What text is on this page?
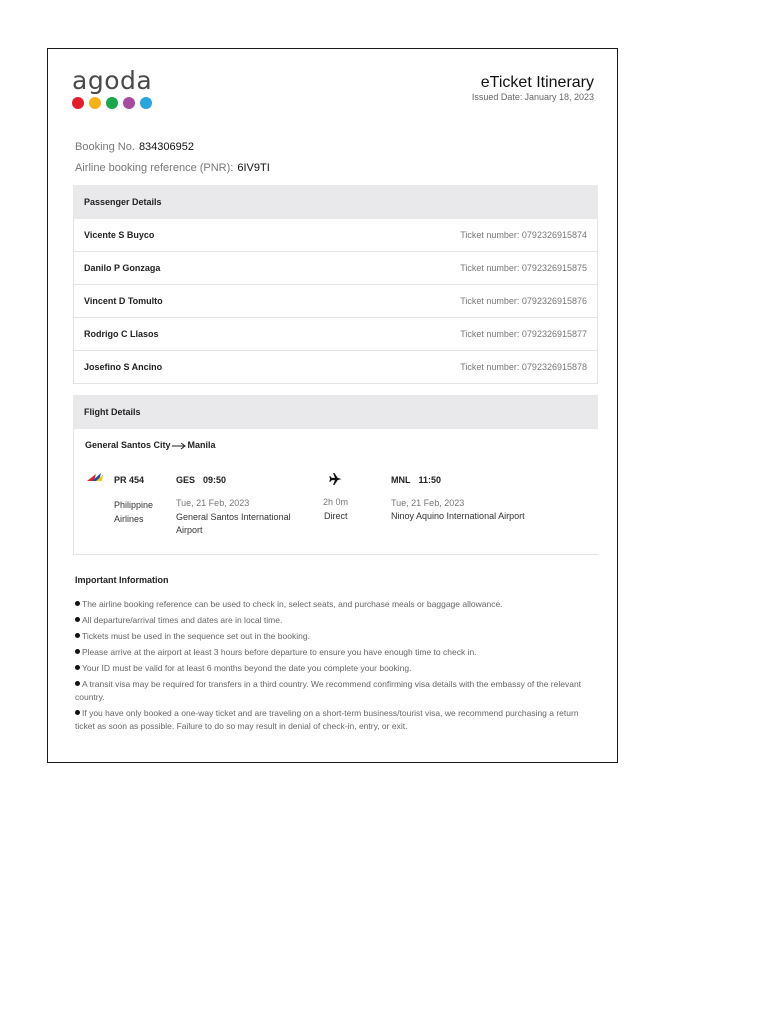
agoda	eTicket Itinerary
Issued Date: January 18, 2023
Booking No. 834306952
Airline booking reference (PNR): 6IV9TI
Passenger Details
Vicente S Buyco	Ticket number: 0792326915874
Danilo P Gonzaga	Ticket number: 0792326915875
Vincent D Tomulto	Ticket number: 0792326915876
Rodrigo C Llasos	Ticket number: 0792326915877
Josefino S Ancino	Ticket number: 0792326915878
Flight Details
General Santos City Manila
PR 454
Philippine Airlines
GES 09:50
Tue, 21 Feb, 2023
General Santos International Airport
2h 0m
Direct
MNL 11:50
Tue, 21 Feb, 2023
Ninoy Aquino International Airport
Important Information
The airline booking reference can be used to check in, select seats, and purchase meals or baggage allowance.
All departure/arrival times and dates are in local time.
Tickets must be used in the sequence set out in the booking.
Please arrive at the airport at least 3 hours before departure to ensure you have enough time to check in.
Your ID must be valid for at least 6 months beyond the date you complete your booking.
A transit visa may be required for transfers in a third country. We recommend confirming visa details with the embassy of the relevant country.
If you have only booked a one-way ticket and are traveling on a short-term business/tourist visa, we recommend purchasing a return ticket as soon as possible. Failure to do so may result in denial of check-in, entry, or exit.
